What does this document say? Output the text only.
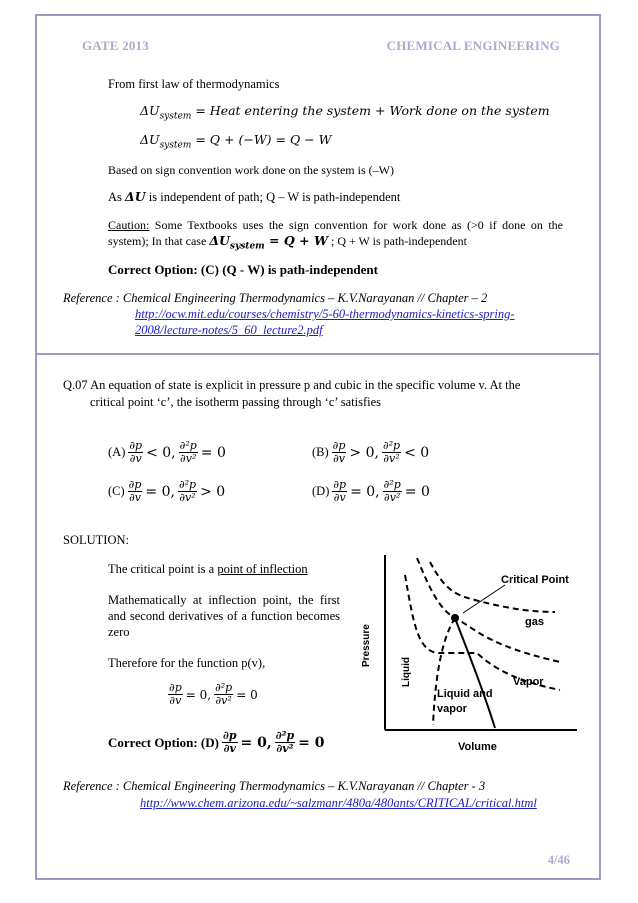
GATE 2013	CHEMICAL ENGINEERING
From first law of thermodynamics
$\Delta U_{system}$ = Heat entering the system + Work done on the system
$\Delta U_{system} = Q + (-W) = Q - W$
Based on sign convention work done on the system is (–W)
As ΔU is independent of path; Q – W is path-independent
Caution: Some Textbooks uses the sign convention for work done as (>0 if done on the system); In that case $\Delta U_{system} = Q + W$ ; Q + W is path-independent
Correct Option: (C) (Q - W) is path-independent
Reference : Chemical Engineering Thermodynamics – K.V.Narayanan // Chapter – 2
http://ocw.mit.edu/courses/chemistry/5-60-thermodynamics-kinetics-spring-
2008/lecture-notes/5_60_lecture2.pdf
Q.07 An equation of state is explicit in pressure p and cubic in the specific volume v. At the
critical point ‘c’, the isotherm passing through ‘c’ satisfies
$(A) \frac{\partial p}{\partial v} < 0$, $\frac{\text{∂²p}}{\text{∂v²}} = 0$	$(B) \frac{\partial p}{\partial v} > 0$, $\frac{\text{∂²p}}{\text{∂v²}} < 0$
$(C) \frac{\partial p}{\partial v} = 0$, $\frac{\text{∂²p}}{\text{∂v²}} > 0$	$(D) \frac{\partial p}{\partial v} = 0$, $\frac{\text{∂²p}}{\text{∂v²}} = 0$
SOLUTION:
The critical point is a point of inflection
Mathematically at inflection point, the first and second derivatives of a function becomes zero
Therefore for the function p(v),
$\frac{\partial p}{\partial v} = 0$, $\frac{\text{∂²p}}{\text{∂v²}} = 0$
Correct Option: $(D) \frac{\partial p}{\partial v} = 0$, $\frac{\text{∂²p}}{\text{∂v²}} = 0$
Critical Point
gas
Pressure
Liquid	Vapor
Liquid and
vapor
Volume
Reference : Chemical Engineering Thermodynamics – K.V.Narayanan // Chapter - 3
http://www.chem.arizona.edu/~salzmanr/480a/480ants/CRITICAL/critical.html
4/46
